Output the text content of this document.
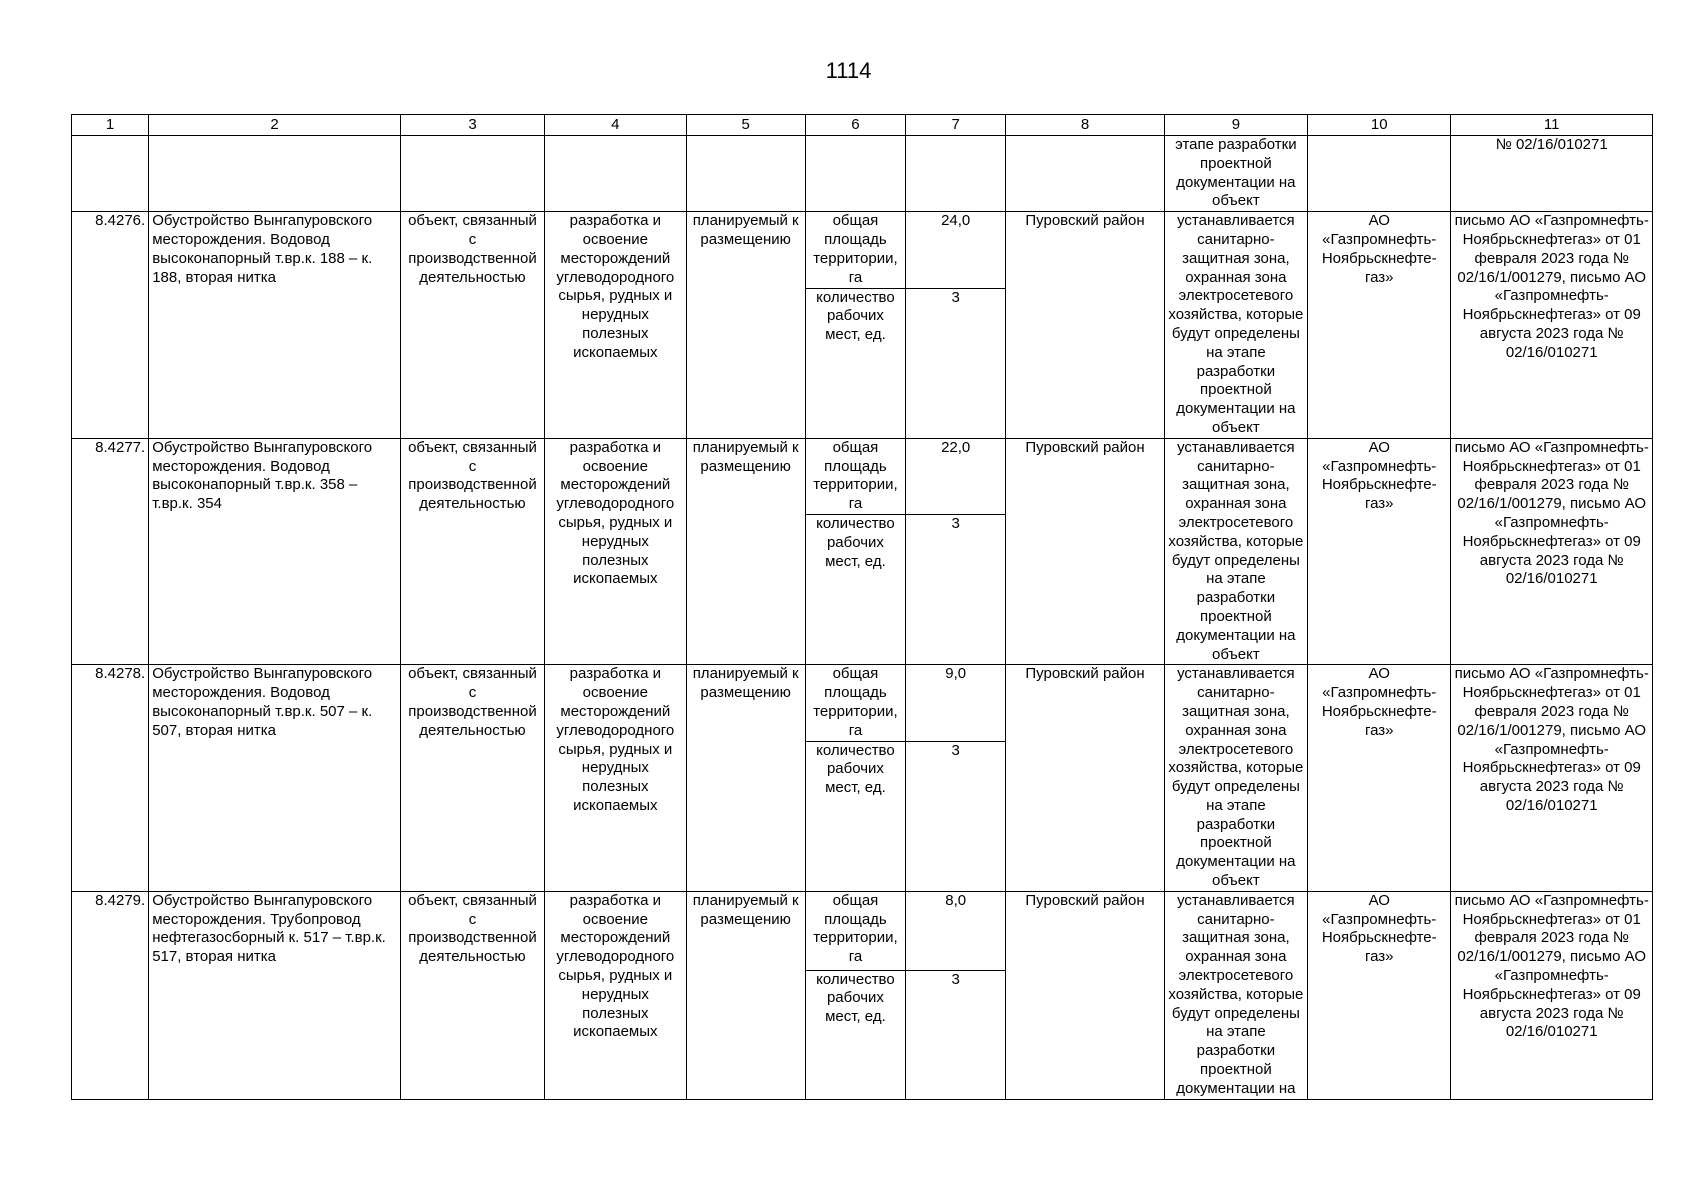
1114
1	2	3	4	5	6	7	8	9	10	11
								этапе разработки проектной документации на объект		№ 02/16/010271
8.4276.	Обустройство Вынгапуровского месторождения. Водовод высоконапорный т.вр.к. 188 – к. 188, вторая нитка	объект, связанный с производственной деятельностью	разработка и освоение месторождений углеводородного сырья, рудных и нерудных полезных ископаемых	планируемый к размещению	общая площадь территории, га	24,0	Пуровский район	устанавливается санитарно-защитная зона, охранная зона электросетевого хозяйства, которые будут определены на этапе разработки проектной документации на объект	АО «Газпромнефть-Ноябрьскнефте-газ»	письмо АО «Газпромнефть-Ноябрьскнефтегаз» от 01 февраля 2023 года № 02/16/1/001279, письмо АО «Газпромнефть-Ноябрьскнефтегаз» от 09 августа 2023 года № 02/16/010271
					количество рабочих мест, ед.	3				
8.4277.	Обустройство Вынгапуровского месторождения. Водовод высоконапорный т.вр.к. 358 – т.вр.к. 354	объект, связанный с производственной деятельностью	разработка и освоение месторождений углеводородного сырья, рудных и нерудных полезных ископаемых	планируемый к размещению	общая площадь территории, га	22,0	Пуровский район	устанавливается санитарно-защитная зона, охранная зона электросетевого хозяйства, которые будут определены на этапе разработки проектной документации на объект	АО «Газпромнефть-Ноябрьскнефте-газ»	письмо АО «Газпромнефть-Ноябрьскнефтегаз» от 01 февраля 2023 года № 02/16/1/001279, письмо АО «Газпромнефть-Ноябрьскнефтегаз» от 09 августа 2023 года № 02/16/010271
					количество рабочих мест, ед.	3				
8.4278.	Обустройство Вынгапуровского месторождения. Водовод высоконапорный т.вр.к. 507 – к. 507, вторая нитка	объект, связанный с производственной деятельностью	разработка и освоение месторождений углеводородного сырья, рудных и нерудных полезных ископаемых	планируемый к размещению	общая площадь территории, га	9,0	Пуровский район	устанавливается санитарно-защитная зона, охранная зона электросетевого хозяйства, которые будут определены на этапе разработки проектной документации на объект	АО «Газпромнефть-Ноябрьскнефте-газ»	письмо АО «Газпромнефть-Ноябрьскнефтегаз» от 01 февраля 2023 года № 02/16/1/001279, письмо АО «Газпромнефть-Ноябрьскнефтегаз» от 09 августа 2023 года № 02/16/010271
					количество рабочих мест, ед.	3				
8.4279.	Обустройство Вынгапуровского месторождения. Трубопровод нефтегазосборный к. 517 – т.вр.к. 517, вторая нитка	объект, связанный с производственной деятельностью	разработка и освоение месторождений углеводородного сырья, рудных и нерудных полезных ископаемых	планируемый к размещению	общая площадь территории, га	8,0	Пуровский район	устанавливается санитарно-защитная зона, охранная зона электросетевого хозяйства, которые будут определены на этапе разработки проектной документации на	АО «Газпромнефть-Ноябрьскнефте-газ»	письмо АО «Газпромнефть-Ноябрьскнефтегаз» от 01 февраля 2023 года № 02/16/1/001279, письмо АО «Газпромнефть-Ноябрьскнефтегаз» от 09 августа 2023 года № 02/16/010271
					количество рабочих мест, ед.	3				
